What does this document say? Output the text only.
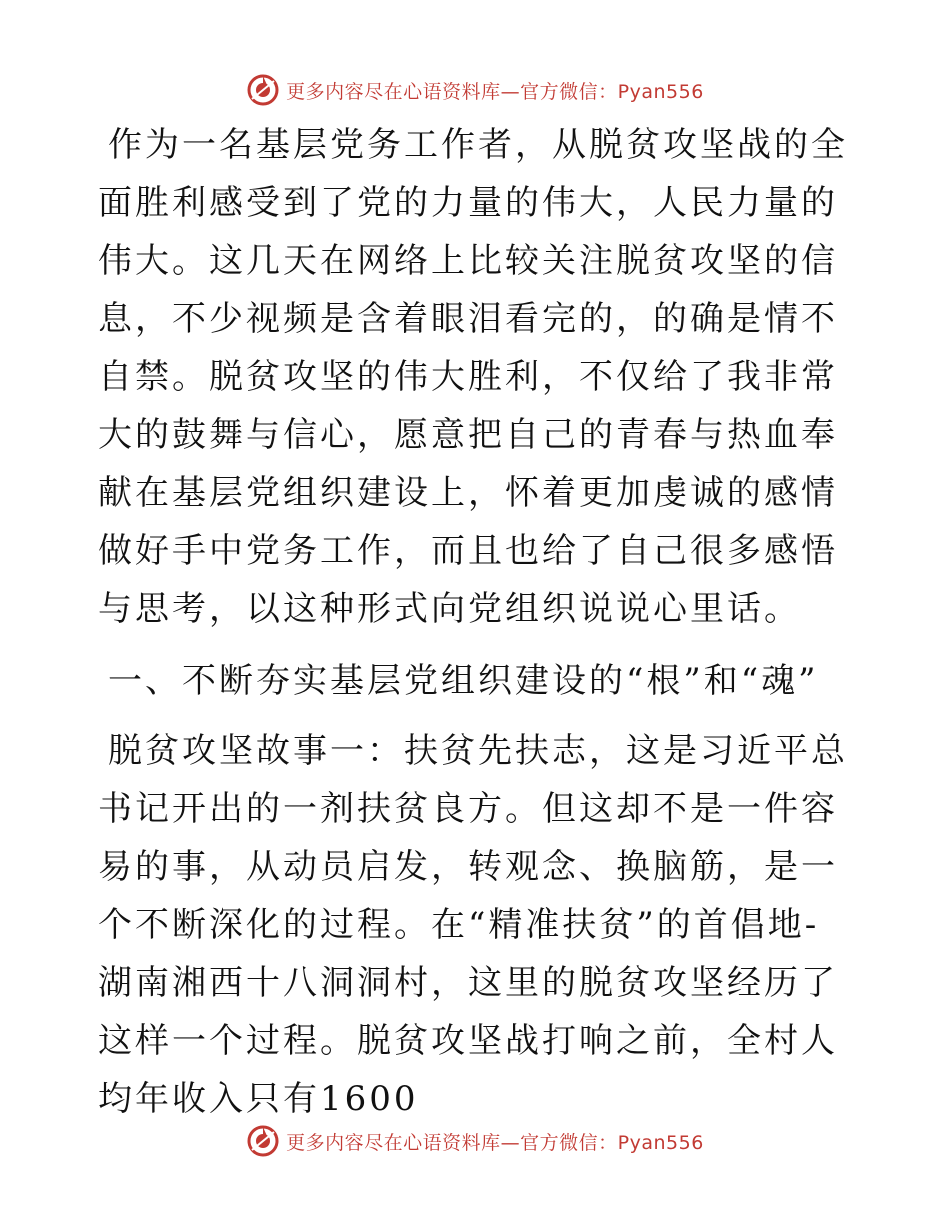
更多内容尽在心语资料库—官方微信：Pyan556

作为一名基层党务工作者，从脱贫攻坚战的全面胜利感受到了党的力量的伟大，人民力量的伟大。这几天在网络上比较关注脱贫攻坚的信息，不少视频是含着眼泪看完的，的确是情不自禁。脱贫攻坚的伟大胜利，不仅给了我非常大的鼓舞与信心，愿意把自己的青春与热血奉献在基层党组织建设上，怀着更加虔诚的感情做好手中党务工作，而且也给了自己很多感悟与思考，以这种形式向党组织说说心里话。

一、不断夯实基层党组织建设的“根”和“魂”

脱贫攻坚故事一：扶贫先扶志，这是习近平总书记开出的一剂扶贫良方。但这却不是一件容易的事，从动员启发，转观念、换脑筋，是一个不断深化的过程。在“精准扶贫”的首倡地‐湖南湘西十八洞洞村，这里的脱贫攻坚经历了这样一个过程。脱贫攻坚战打响之前，全村人均年收入只有1600

更多内容尽在心语资料库—官方微信：Pyan556
